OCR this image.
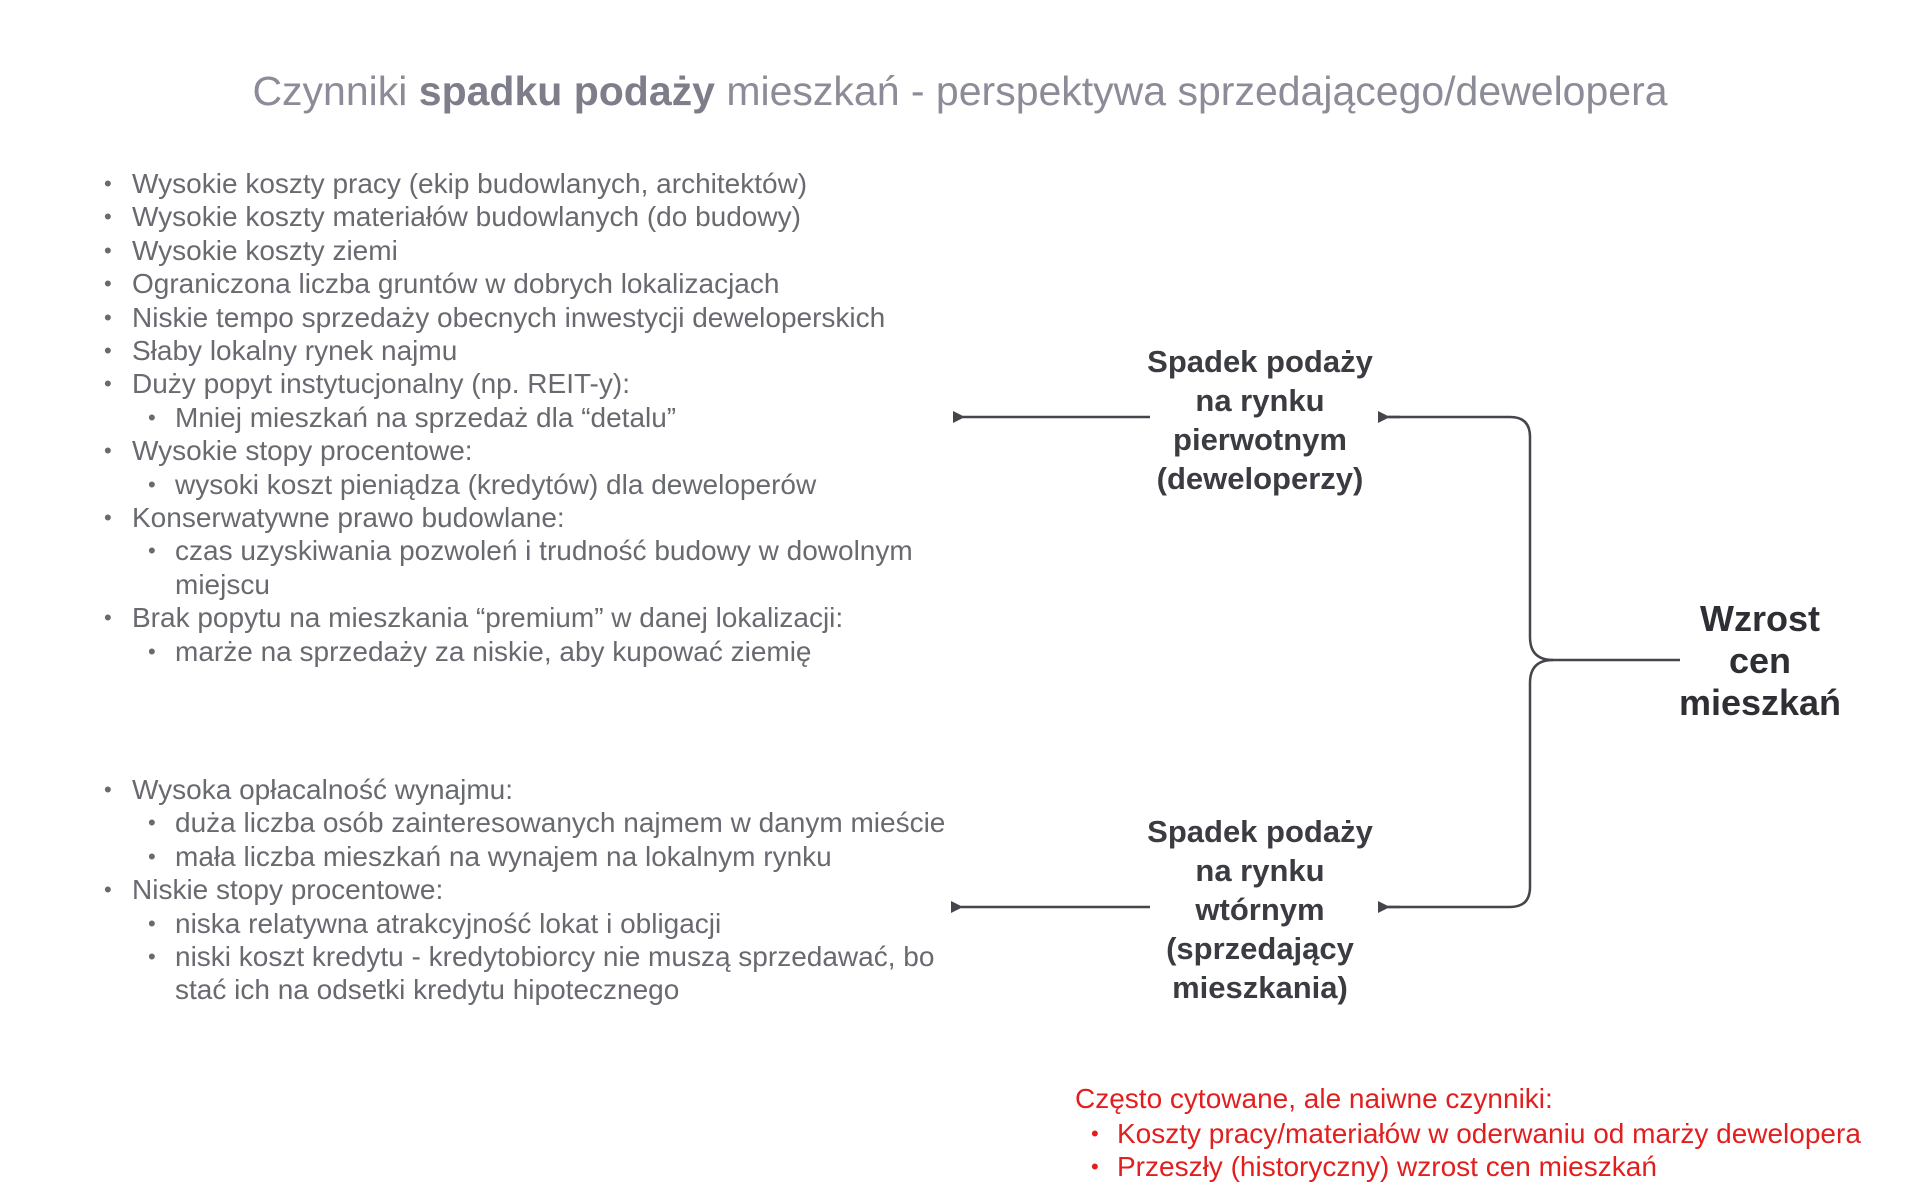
Czynniki spadku podaży mieszkań - perspektywa sprzedającego/dewelopera
• Wysokie koszty pracy (ekip budowlanych, architektów)
• Wysokie koszty materiałów budowlanych (do budowy)
• Wysokie koszty ziemi
• Ograniczona liczba gruntów w dobrych lokalizacjach
• Niskie tempo sprzedaży obecnych inwestycji deweloperskich
• Słaby lokalny rynek najmu
• Duży popyt instytucjonalny (np. REIT-y):
• Mniej mieszkań na sprzedaż dla “detalu”
• Wysokie stopy procentowe:
• wysoki koszt pieniądza (kredytów) dla deweloperów
• Konserwatywne prawo budowlane:
• czas uzyskiwania pozwoleń i trudność budowy w dowolnym miejscu
• Brak popytu na mieszkania “premium” w danej lokalizacji:
• marże na sprzedaży za niskie, aby kupować ziemię
• Wysoka opłacalność wynajmu:
• duża liczba osób zainteresowanych najmem w danym mieście
• mała liczba mieszkań na wynajem na lokalnym rynku
• Niskie stopy procentowe:
• niska relatywna atrakcyjność lokat i obligacji
• niski koszt kredytu - kredytobiorcy nie muszą sprzedawać, bo stać ich na odsetki kredytu hipotecznego
Spadek podaży
na rynku
pierwotnym
(deweloperzy)
Spadek podaży
na rynku
wtórnym
(sprzedający
mieszkania)
Wzrost
cen
mieszkań
Często cytowane, ale naiwne czynniki:
• Koszty pracy/materiałów w oderwaniu od marży dewelopera
• Przeszły (historyczny) wzrost cen mieszkań
